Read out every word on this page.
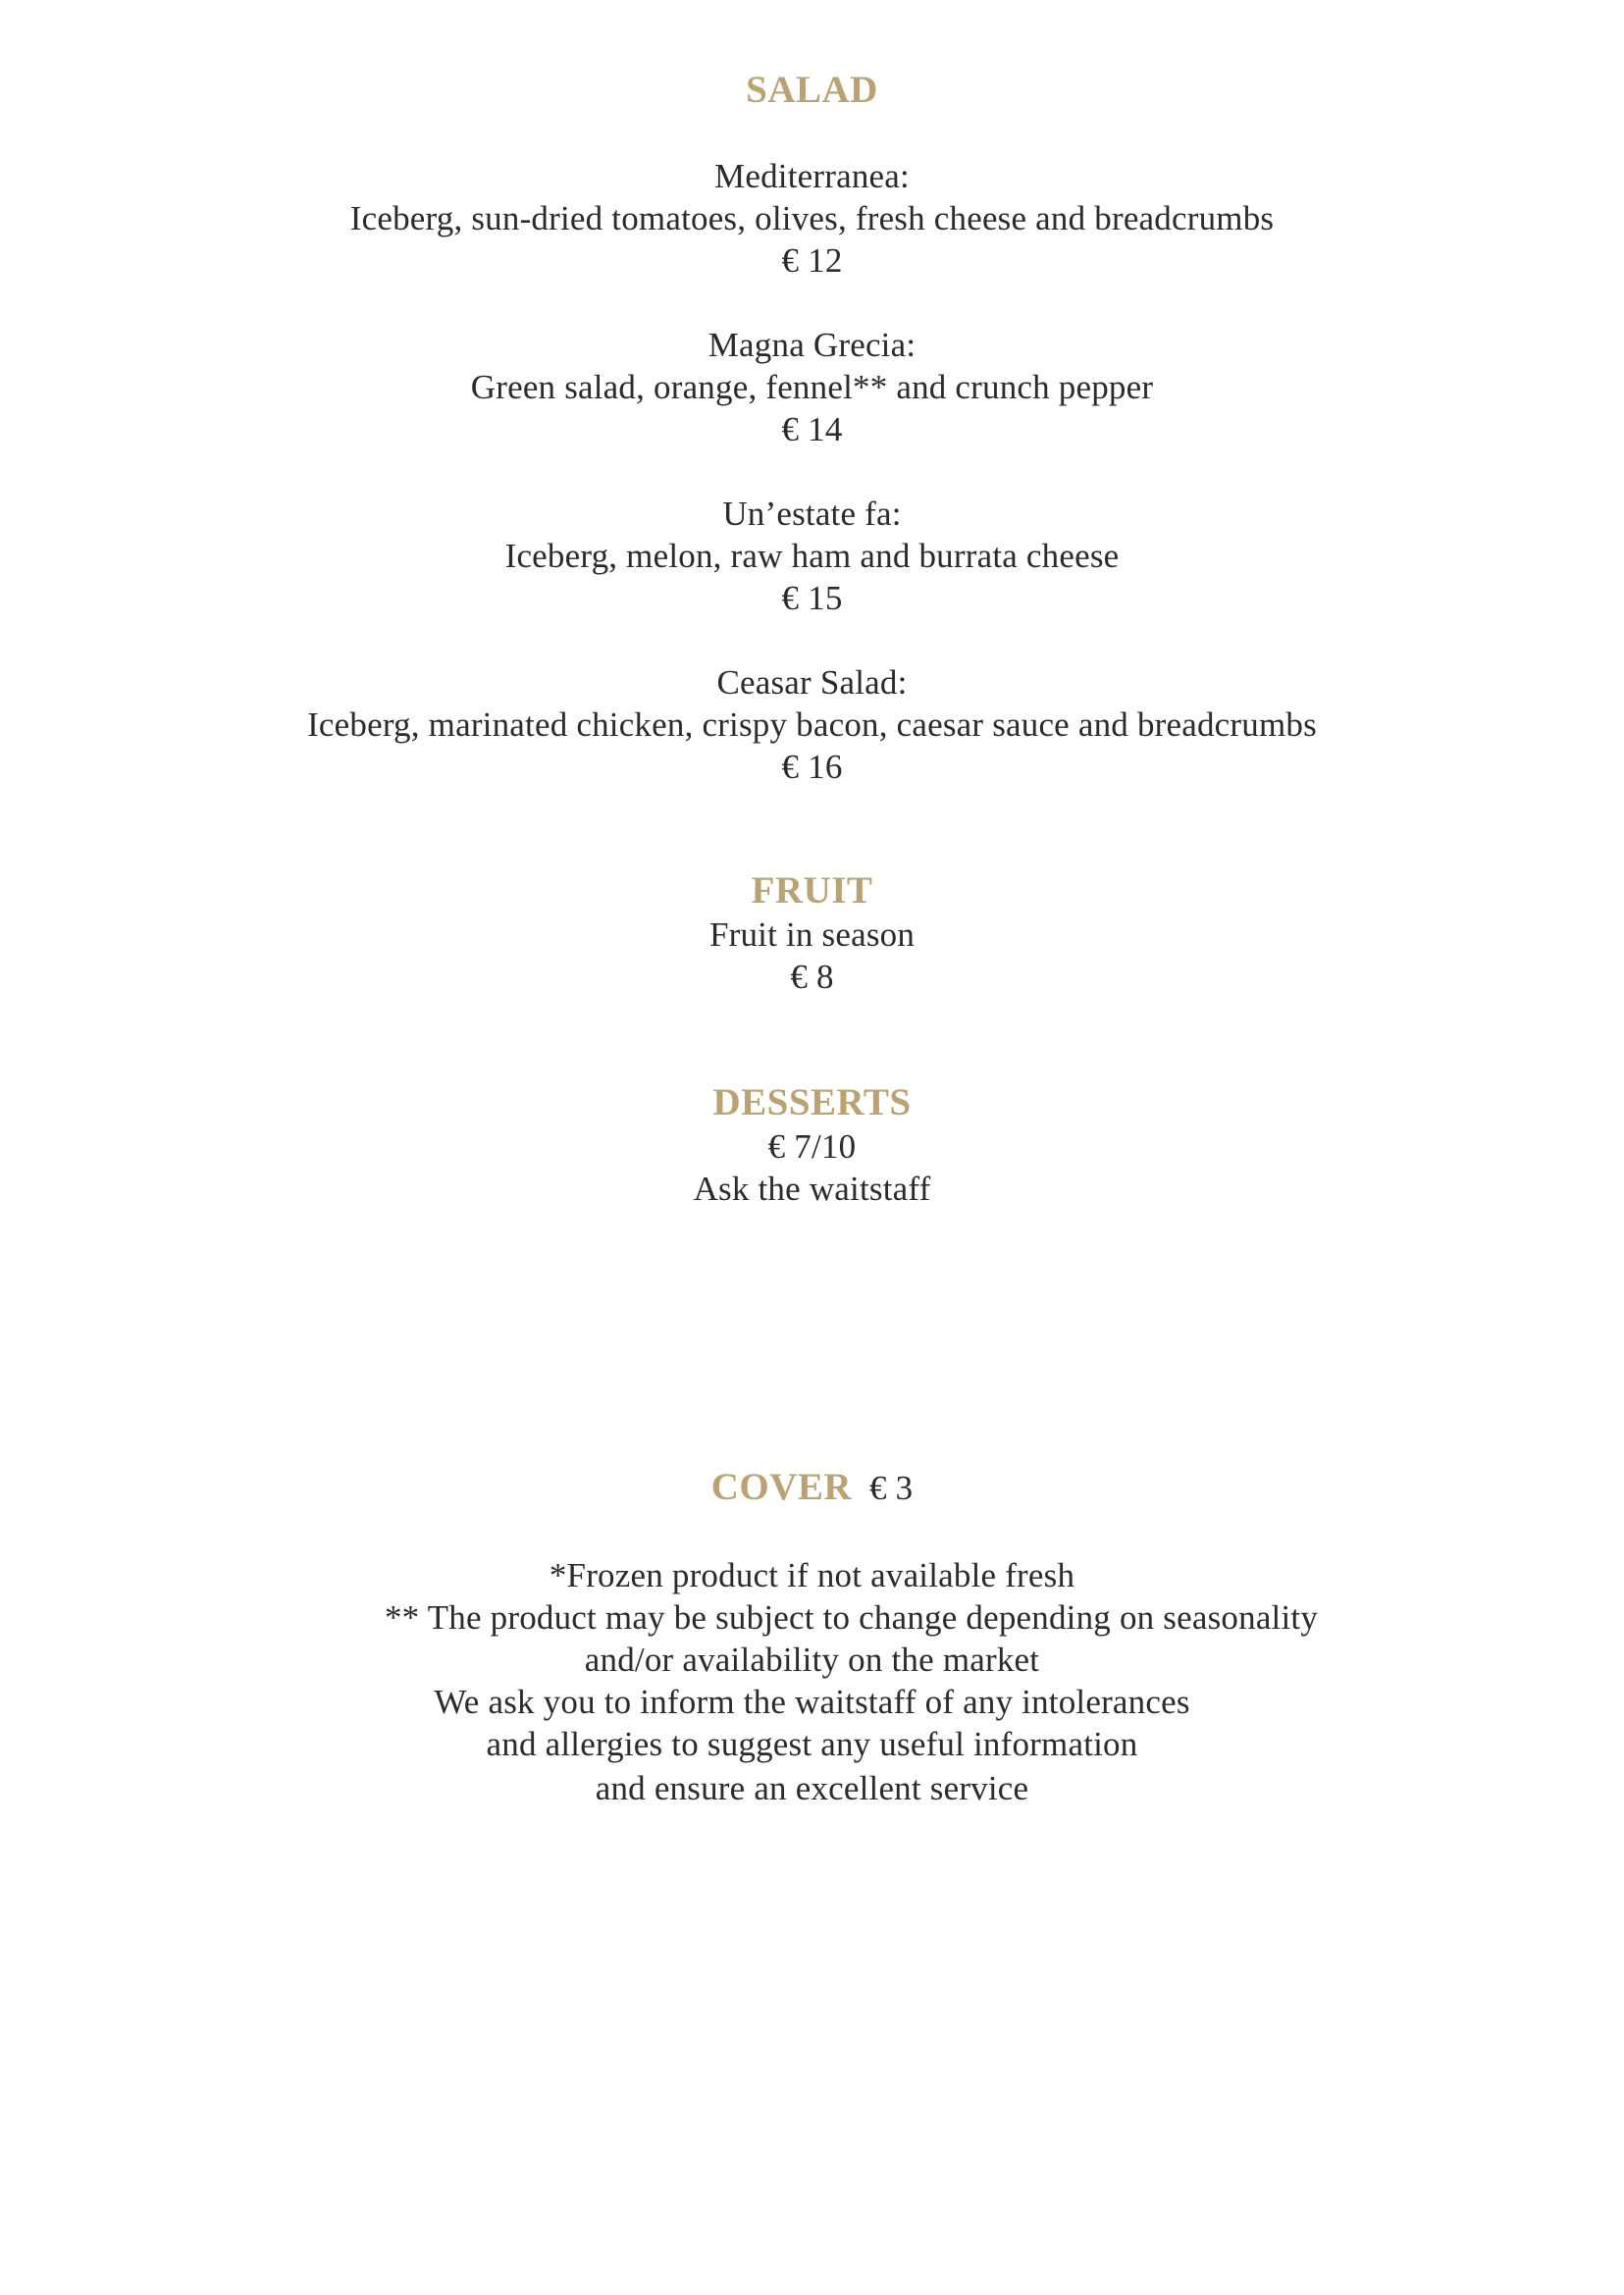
SALAD
Mediterranea:
Iceberg, sun-dried tomatoes, olives, fresh cheese and breadcrumbs
€ 12
Magna Grecia:
Green salad, orange, fennel** and crunch pepper
€ 14
Un’estate fa:
Iceberg, melon, raw ham and burrata cheese
€ 15
Ceasar Salad:
Iceberg, marinated chicken, crispy bacon, caesar sauce and breadcrumbs
€ 16
FRUIT
Fruit in season
€ 8
DESSERTS
€ 7/10
Ask the waitstaff
COVER € 3
*Frozen product if not available fresh
** The product may be subject to change depending on seasonality
and/or availability on the market
We ask you to inform the waitstaff of any intolerances
and allergies to suggest any useful information
and ensure an excellent service
